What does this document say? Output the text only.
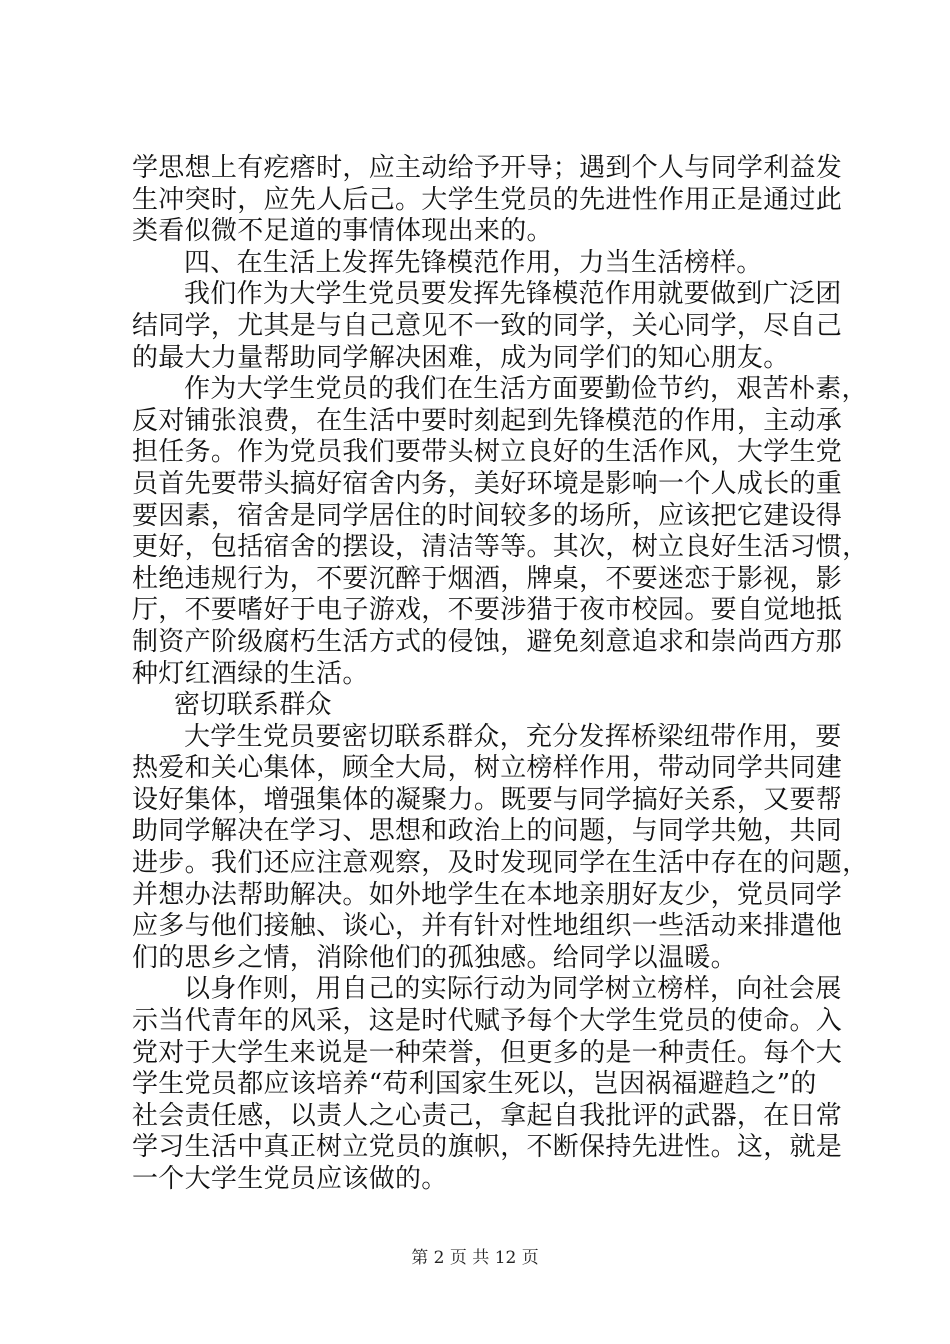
学思想上有疙瘩时，应主动给予开导；遇到个人与同学利益发
生冲突时，应先人后己。大学生党员的先进性作用正是通过此
类看似微不足道的事情体现出来的。
四、在生活上发挥先锋模范作用，力当生活榜样。
我们作为大学生党员要发挥先锋模范作用就要做到广泛团
结同学，尤其是与自己意见不一致的同学，关心同学，尽自己
的最大力量帮助同学解决困难，成为同学们的知心朋友。
作为大学生党员的我们在生活方面要勤俭节约，艰苦朴素，
反对铺张浪费，在生活中要时刻起到先锋模范的作用，主动承
担任务。作为党员我们要带头树立良好的生活作风，大学生党
员首先要带头搞好宿舍内务，美好环境是影响一个人成长的重
要因素，宿舍是同学居住的时间较多的场所，应该把它建设得
更好，包括宿舍的摆设，清洁等等。其次，树立良好生活习惯，
杜绝违规行为，不要沉醉于烟酒，牌桌，不要迷恋于影视，影
厅，不要嗜好于电子游戏，不要涉猎于夜市校园。要自觉地抵
制资产阶级腐朽生活方式的侵蚀，避免刻意追求和崇尚西方那
种灯红酒绿的生活。
密切联系群众
大学生党员要密切联系群众，充分发挥桥梁纽带作用，要
热爱和关心集体，顾全大局，树立榜样作用，带动同学共同建
设好集体，增强集体的凝聚力。既要与同学搞好关系，又要帮
助同学解决在学习、思想和政治上的问题，与同学共勉，共同
进步。我们还应注意观察，及时发现同学在生活中存在的问题，
并想办法帮助解决。如外地学生在本地亲朋好友少，党员同学
应多与他们接触、谈心，并有针对性地组织一些活动来排遣他
们的思乡之情，消除他们的孤独感。给同学以温暖。
以身作则，用自己的实际行动为同学树立榜样，向社会展
示当代青年的风采，这是时代赋予每个大学生党员的使命。入
党对于大学生来说是一种荣誉，但更多的是一种责任。每个大
学生党员都应该培养“苟利国家生死以，岂因祸福避趋之”的
社会责任感，以责人之心责己，拿起自我批评的武器，在日常
学习生活中真正树立党员的旗帜，不断保持先进性。这，就是
一个大学生党员应该做的。
第 2 页 共 12 页
